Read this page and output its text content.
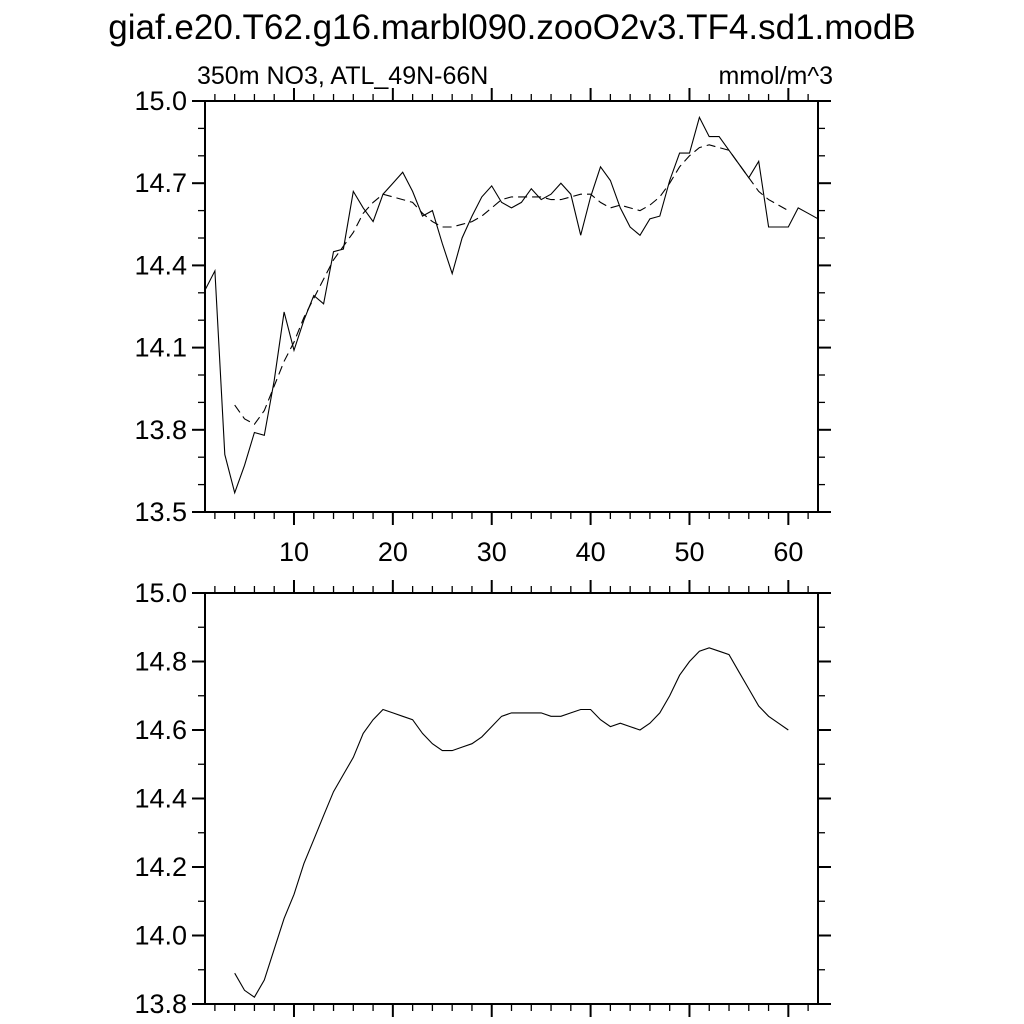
giaf.e20.T62.g16.marbl090.zooO2v3.TF4.sd1.modB
350m NO3, ATL_49N-66N	mmol/m^3
10	20	30	40	50	60
13.5
13.8
14.1
14.4
14.7
15.0
13.8
14.0
14.2
14.4
14.6
14.8
15.0
